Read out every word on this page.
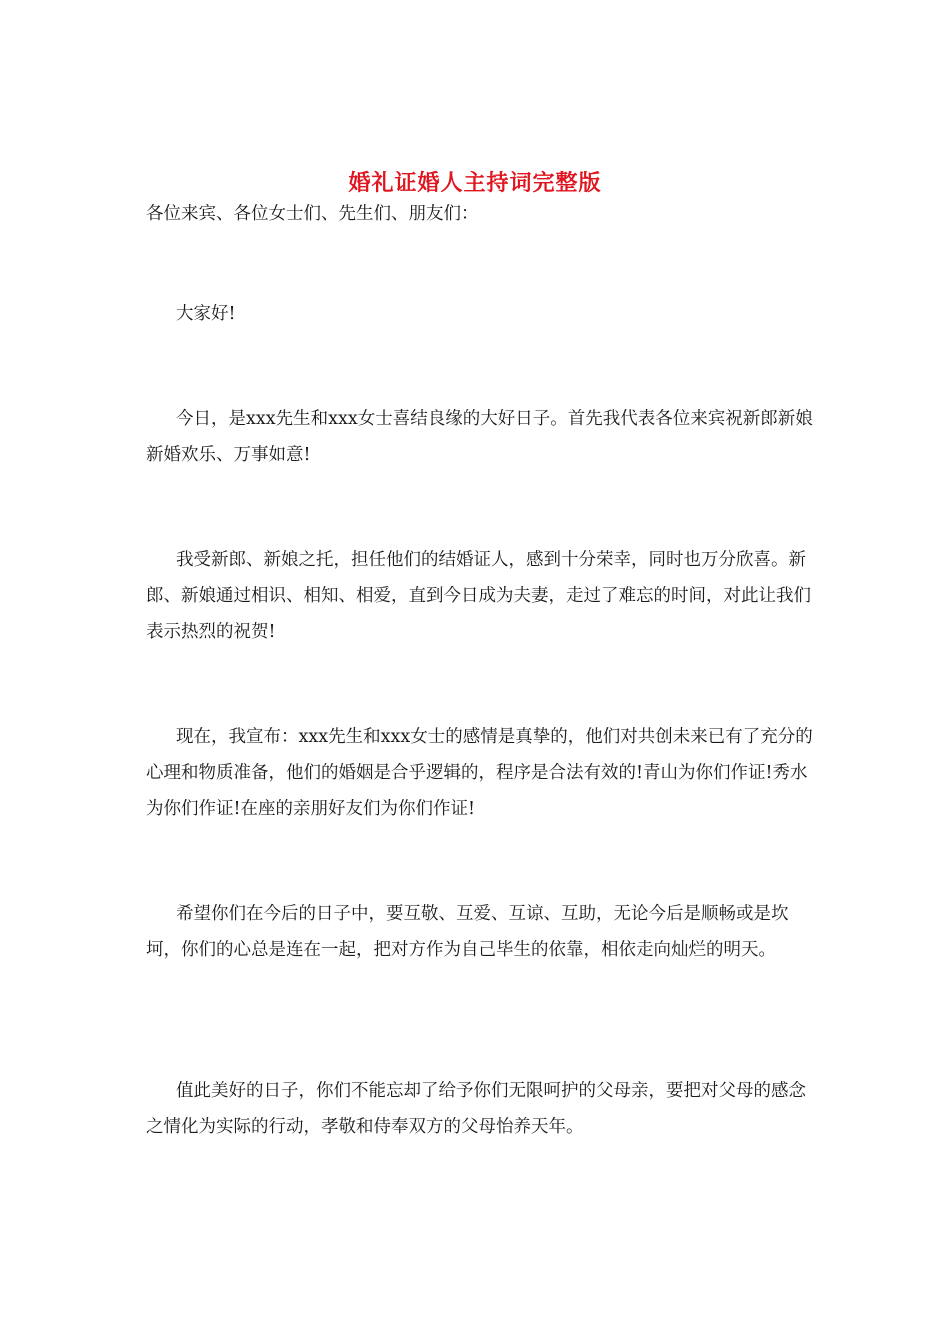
婚礼证婚人主持词完整版

各位来宾、各位女士们、先生们、朋友们：

大家好!

今日，是xxx先生和xxx女士喜结良缘的大好日子。首先我代表各位来宾祝新郎新娘新婚欢乐、万事如意!

我受新郎、新娘之托，担任他们的结婚证人，感到十分荣幸，同时也万分欣喜。新郎、新娘通过相识、相知、相爱，直到今日成为夫妻，走过了难忘的时间，对此让我们表示热烈的祝贺!

现在，我宣布：xxx先生和xxx女士的感情是真挚的，他们对共创未来已有了充分的心理和物质准备，他们的婚姻是合乎逻辑的，程序是合法有效的!青山为你们作证!秀水为你们作证!在座的亲朋好友们为你们作证!

希望你们在今后的日子中，要互敬、互爱、互谅、互助，无论今后是顺畅或是坎坷，你们的心总是连在一起，把对方作为自己毕生的依靠，相依走向灿烂的明天。

值此美好的日子，你们不能忘却了给予你们无限呵护的父母亲，要把对父母的感念之情化为实际的行动，孝敬和侍奉双方的父母怡养天年。
